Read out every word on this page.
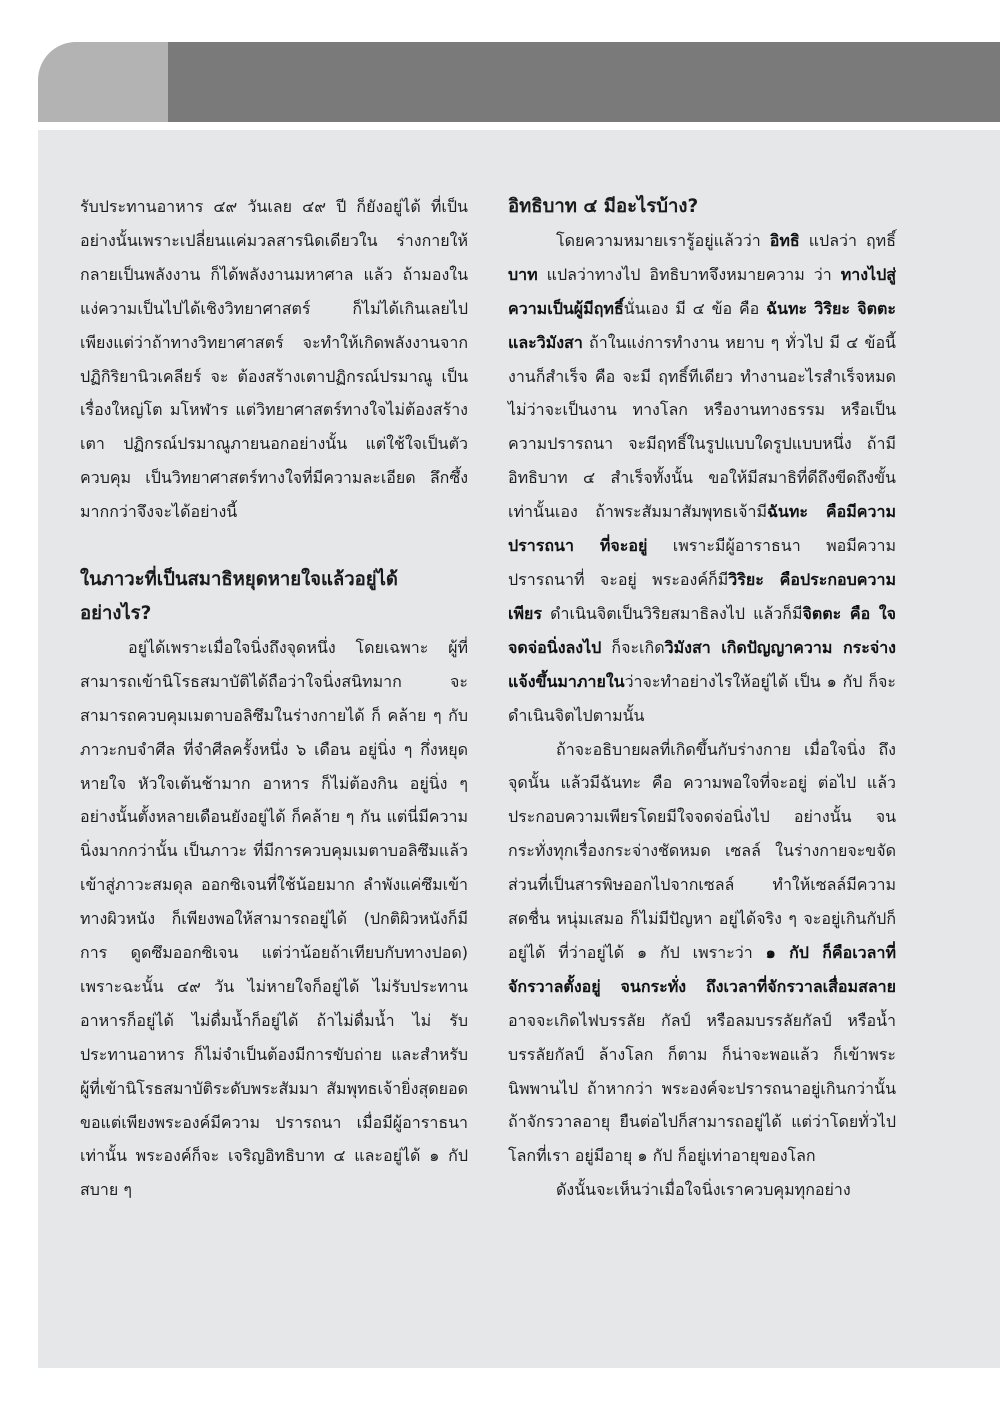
รับประทานอาหาร ๔๙ วันเลย ๔๙ ปี ก็ยังอยู่ได้ ที่เป็นอย่างนั้นเพราะเปลี่ยนแค่มวลสารนิดเดียวใน ร่างกายให้กลายเป็นพลังงาน ก็ได้พลังงานมหาศาล แล้ว ถ้ามองในแง่ความเป็นไปได้เชิงวิทยาศาสตร์ ก็ไม่ได้เกินเลยไป เพียงแต่ว่าถ้าทางวิทยาศาสตร์ จะทำให้เกิดพลังงานจากปฏิกิริยานิวเคลียร์ จะ ต้องสร้างเตาปฏิกรณ์ปรมาณู เป็นเรื่องใหญ่โต มโหฬาร แต่วิทยาศาสตร์ทางใจไม่ต้องสร้างเตา ปฏิกรณ์ปรมาณูภายนอกอย่างนั้น แต่ใช้ใจเป็นตัว ควบคุม เป็นวิทยาศาสตร์ทางใจที่มีความละเอียด ลึกซึ้งมากกว่าจึงจะได้อย่างนี้

ในภาวะที่เป็นสมาธิหยุดหายใจแล้วอยู่ได้อย่างไร?

อยู่ได้เพราะเมื่อใจนิ่งถึงจุดหนึ่ง โดยเฉพาะ ผู้ที่สามารถเข้านิโรธสมาบัติได้ถือว่าใจนิ่งสนิทมาก จะสามารถควบคุมเมตาบอลิซึมในร่างกายได้ ก็ คล้าย ๆ กับภาวะกบจำศีล ที่จำศีลครั้งหนึ่ง ๖ เดือน อยู่นิ่ง ๆ กึ่งหยุดหายใจ หัวใจเต้นช้ามาก อาหาร ก็ไม่ต้องกิน อยู่นิ่ง ๆ อย่างนั้นตั้งหลายเดือนยังอยู่ได้ ก็คล้าย ๆ กัน แต่นี่มีความนิ่งมากกว่านั้น เป็นภาวะ ที่มีการควบคุมเมตาบอลิซึมแล้วเข้าสู่ภาวะสมดุล ออกซิเจนที่ใช้น้อยมาก ลำพังแค่ซึมเข้าทางผิวหนัง ก็เพียงพอให้สามารถอยู่ได้ (ปกติผิวหนังก็มีการ ดูดซึมออกซิเจน แต่ว่าน้อยถ้าเทียบกับทางปอด) เพราะฉะนั้น ๔๙ วัน ไม่หายใจก็อยู่ได้ ไม่รับประทาน อาหารก็อยู่ได้ ไม่ดื่มน้ำก็อยู่ได้ ถ้าไม่ดื่มน้ำ ไม่ รับประทานอาหาร ก็ไม่จำเป็นต้องมีการขับถ่าย และสำหรับผู้ที่เข้านิโรธสมาบัติระดับพระสัมมา สัมพุทธเจ้ายิ่งสุดยอด ขอแต่เพียงพระองค์มีความ ปรารถนา เมื่อมีผู้อาราธนาเท่านั้น พระองค์ก็จะ เจริญอิทธิบาท ๔ และอยู่ได้ ๑ กัป สบาย ๆ

อิทธิบาท ๔ มีอะไรบ้าง?

โดยความหมายเรารู้อยู่แล้วว่า อิทธิ แปลว่า ฤทธิ์ บาท แปลว่าทางไป อิทธิบาทจึงหมายความ ว่า ทางไปสู่ความเป็นผู้มีฤทธิ์นั่นเอง มี ๔ ข้อ คือ ฉันทะ วิริยะ จิตตะ และวิมังสา ถ้าในแง่การทำงาน หยาบ ๆ ทั่วไป มี ๔ ข้อนี้งานก็สำเร็จ คือ จะมี ฤทธิ์ทีเดียว ทำงานอะไรสำเร็จหมด ไม่ว่าจะเป็นงาน ทางโลก หรืองานทางธรรม หรือเป็นความปรารถนา จะมีฤทธิ์ในรูปแบบใดรูปแบบหนึ่ง ถ้ามีอิทธิบาท ๔ สำเร็จทั้งนั้น ขอให้มีสมาธิที่ดีถึงขีดถึงขั้นเท่านั้นเอง ถ้าพระสัมมาสัมพุทธเจ้ามีฉันทะ คือมีความปรารถนา ที่จะอยู่ เพราะมีผู้อาราธนา พอมีความปรารถนาที่ จะอยู่ พระองค์ก็มีวิริยะ คือประกอบความเพียร ดำเนินจิตเป็นวิริยสมาธิลงไป แล้วก็มีจิตตะ คือ ใจจดจ่อนิ่งลงไป ก็จะเกิดวิมังสา เกิดปัญญาความ กระจ่างแจ้งขึ้นมาภายในว่าจะทำอย่างไรให้อยู่ได้ เป็น ๑ กัป ก็จะดำเนินจิตไปตามนั้น

ถ้าจะอธิบายผลที่เกิดขึ้นกับร่างกาย เมื่อใจนิ่ง ถึงจุดนั้น แล้วมีฉันทะ คือ ความพอใจที่จะอยู่ ต่อไป แล้วประกอบความเพียรโดยมีใจจดจ่อนิ่งไป อย่างนั้น จนกระทั่งทุกเรื่องกระจ่างชัดหมด เซลล์ ในร่างกายจะขจัดส่วนที่เป็นสารพิษออกไปจากเซลล์ ทำให้เซลล์มีความสดชื่น หนุ่มเสมอ ก็ไม่มีปัญหา อยู่ได้จริง ๆ จะอยู่เกินกัปก็อยู่ได้ ที่ว่าอยู่ได้ ๑ กัป เพราะว่า ๑ กัป ก็คือเวลาที่จักรวาลตั้งอยู่ จนกระทั่ง ถึงเวลาที่จักรวาลเสื่อมสลาย อาจจะเกิดไฟบรรลัย กัลป์ หรือลมบรรลัยกัลป์ หรือน้ำบรรลัยกัลป์ ล้างโลก ก็ตาม ก็น่าจะพอแล้ว ก็เข้าพระนิพพานไป ถ้าหากว่า พระองค์จะปรารถนาอยู่เกินกว่านั้น ถ้าจักรวาลอายุ ยืนต่อไปก็สามารถอยู่ได้ แต่ว่าโดยทั่วไปโลกที่เรา อยู่มีอายุ ๑ กัป ก็อยู่เท่าอายุของโลก

ดังนั้นจะเห็นว่าเมื่อใจนิ่งเราควบคุมทุกอย่าง
